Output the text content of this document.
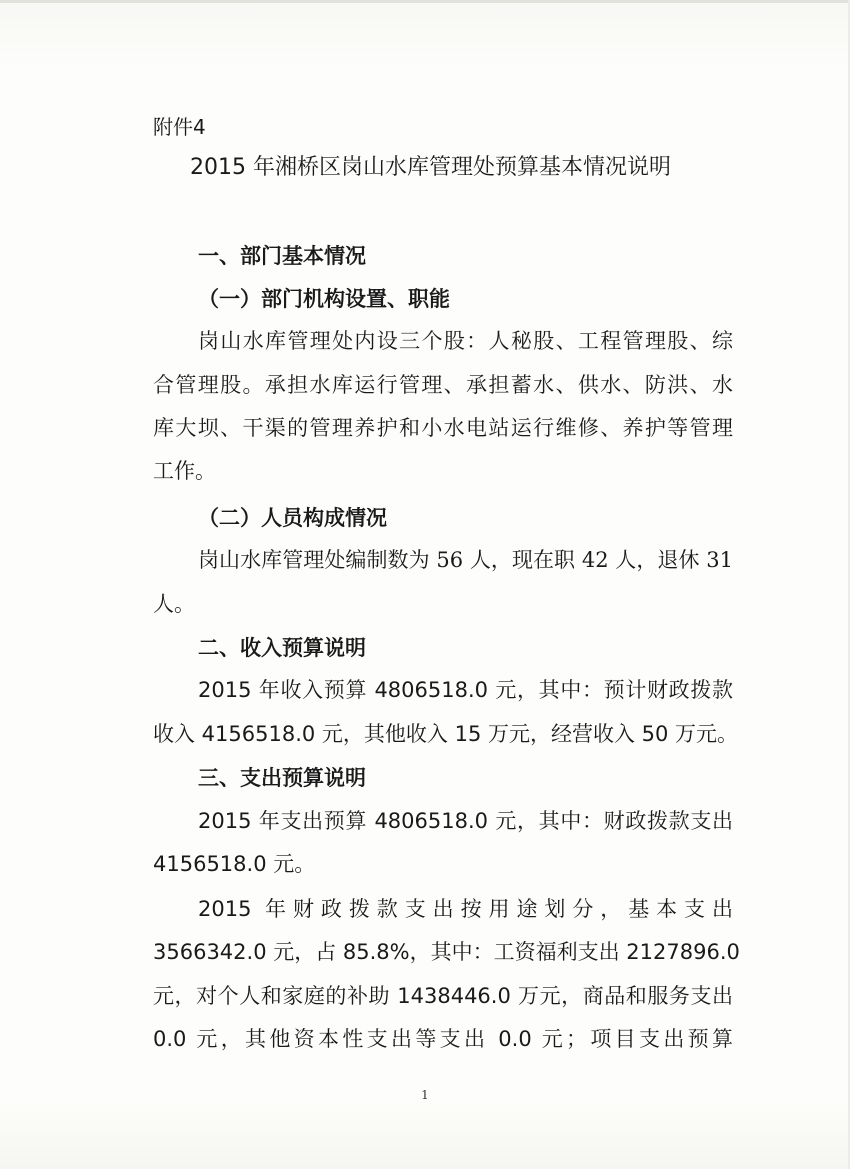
附件4
2015 年湘桥区岗山水库管理处预算基本情况说明
一、部门基本情况
（一）部门机构设置、职能
岗山水库管理处内设三个股：人秘股、工程管理股、综
合管理股。承担水库运行管理、承担蓄水、供水、防洪、水
库大坝、干渠的管理养护和小水电站运行维修、养护等管理
工作。
（二）人员构成情况
岗山水库管理处编制数为 56 人，现在职 42 人，退休 31
人。
二、收入预算说明
2015 年收入预算 4806518.0 元，其中：预计财政拨款
收入 4156518.0 元，其他收入 15 万元，经营收入 50 万元。
三、支出预算说明
2015 年支出预算 4806518.0 元，其中：财政拨款支出
4156518.0 元。
2015 年财政拨款支出按用途划分，基本支出
3566342.0 元，占 85.8%，其中：工资福利支出 2127896.0
元，对个人和家庭的补助 1438446.0 万元，商品和服务支出
0.0 元，其他资本性支出等支出 0.0 元；项目支出预算
1
